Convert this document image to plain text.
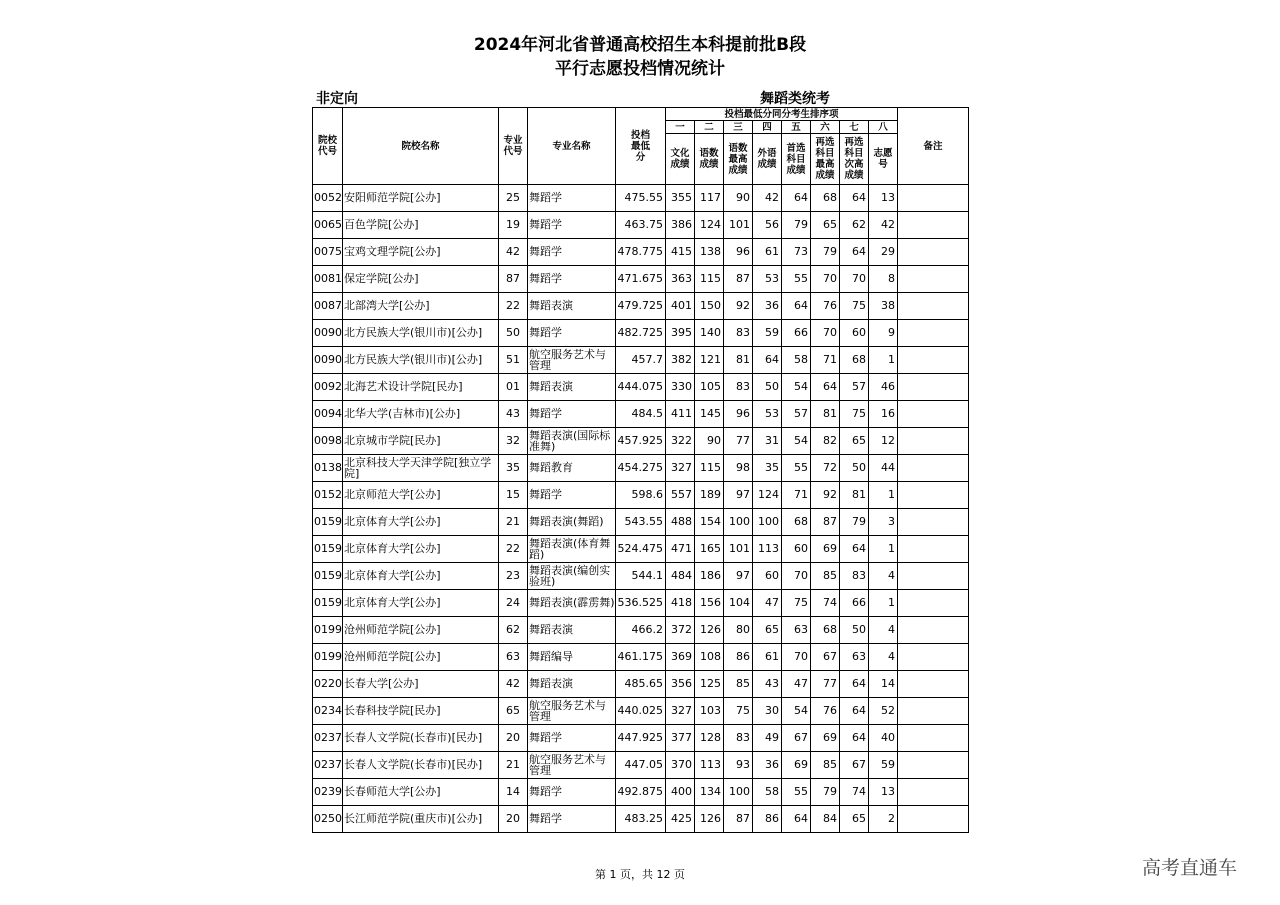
2024年河北省普通高校招生本科提前批B段
平行志愿投档情况统计
非定向	舞蹈类统考
院校代号	院校名称	专业代号	专业名称	投档最低分	投档最低分同分考生排序项								备注
					一	二	三	四	五	六	七	八	
					文化成绩	语数成绩	语数最高成绩	外语成绩	首选科目成绩	再选科目最高成绩	再选科目次高成绩	志愿号	
0052	安阳师范学院[公办]	25	舞蹈学	475.55	355	117	90	42	64	68	64	13	
0065	百色学院[公办]	19	舞蹈学	463.75	386	124	101	56	79	65	62	42	
0075	宝鸡文理学院[公办]	42	舞蹈学	478.775	415	138	96	61	73	79	64	29	
0081	保定学院[公办]	87	舞蹈学	471.675	363	115	87	53	55	70	70	8	
0087	北部湾大学[公办]	22	舞蹈表演	479.725	401	150	92	36	64	76	75	38	
0090	北方民族大学(银川市)[公办]	50	舞蹈学	482.725	395	140	83	59	66	70	60	9	
0090	北方民族大学(银川市)[公办]	51	航空服务艺术与管理	457.7	382	121	81	64	58	71	68	1	
0092	北海艺术设计学院[民办]	01	舞蹈表演	444.075	330	105	83	50	54	64	57	46	
0094	北华大学(吉林市)[公办]	43	舞蹈学	484.5	411	145	96	53	57	81	75	16	
0098	北京城市学院[民办]	32	舞蹈表演(国际标准舞)	457.925	322	90	77	31	54	82	65	12	
0138	北京科技大学天津学院[独立学院]	35	舞蹈教育	454.275	327	115	98	35	55	72	50	44	
0152	北京师范大学[公办]	15	舞蹈学	598.6	557	189	97	124	71	92	81	1	
0159	北京体育大学[公办]	21	舞蹈表演(舞蹈)	543.55	488	154	100	100	68	87	79	3	
0159	北京体育大学[公办]	22	舞蹈表演(体育舞蹈)	524.475	471	165	101	113	60	69	64	1	
0159	北京体育大学[公办]	23	舞蹈表演(编创实验班)	544.1	484	186	97	60	70	85	83	4	
0159	北京体育大学[公办]	24	舞蹈表演(霹雳舞)	536.525	418	156	104	47	75	74	66	1	
0199	沧州师范学院[公办]	62	舞蹈表演	466.2	372	126	80	65	63	68	50	4	
0199	沧州师范学院[公办]	63	舞蹈编导	461.175	369	108	86	61	70	67	63	4	
0220	长春大学[公办]	42	舞蹈表演	485.65	356	125	85	43	47	77	64	14	
0234	长春科技学院[民办]	65	航空服务艺术与管理	440.025	327	103	75	30	54	76	64	52	
0237	长春人文学院(长春市)[民办]	20	舞蹈学	447.925	377	128	83	49	67	69	64	40	
0237	长春人文学院(长春市)[民办]	21	航空服务艺术与管理	447.05	370	113	93	36	69	85	67	59	
0239	长春师范大学[公办]	14	舞蹈学	492.875	400	134	100	58	55	79	74	13	
0250	长江师范学院(重庆市)[公办]	20	舞蹈学	483.25	425	126	87	86	64	84	65	2	
第 1 页，共 12 页	高考直通车
